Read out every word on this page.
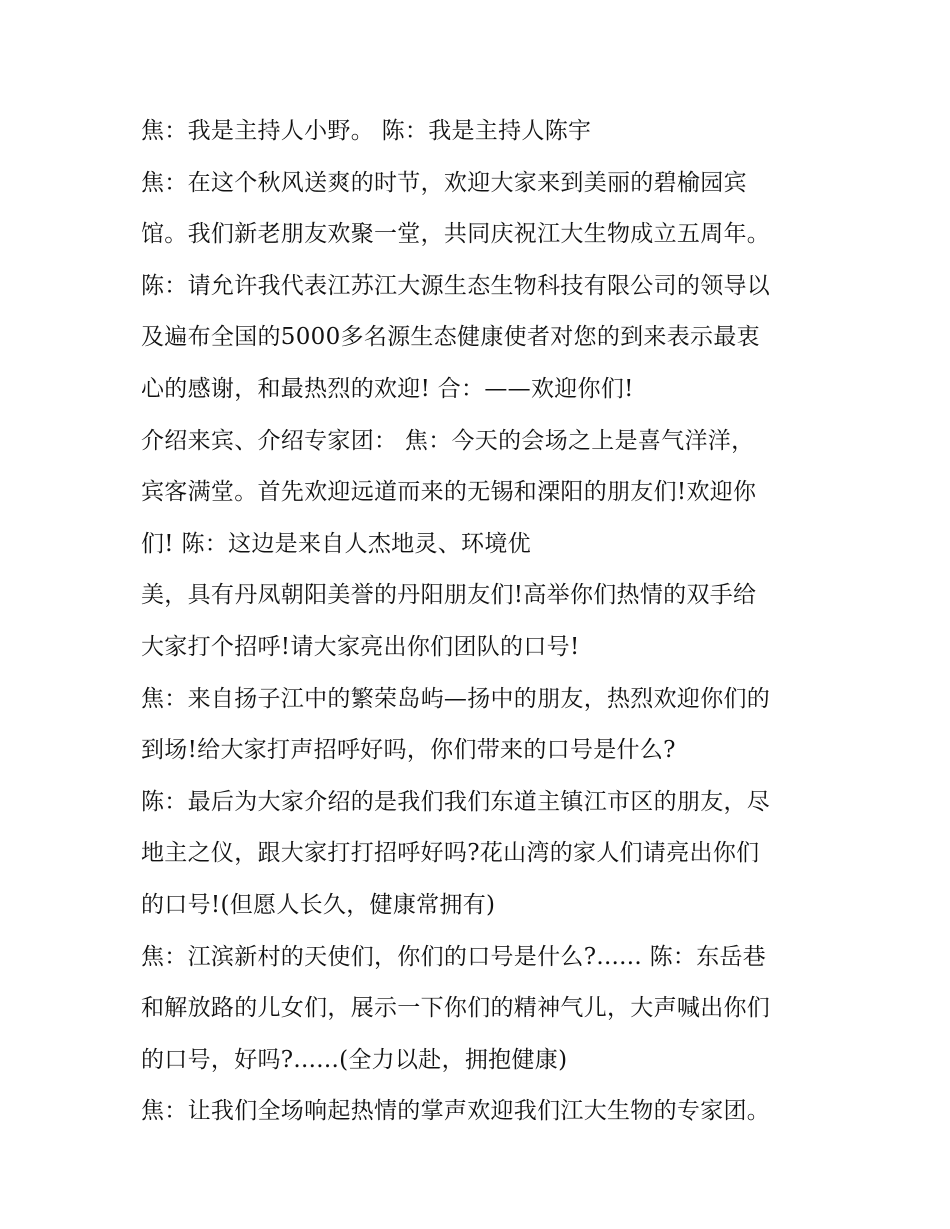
焦：我是主持人小野。 陈：我是主持人陈宇
焦：在这个秋风送爽的时节，欢迎大家来到美丽的碧榆园宾
馆。我们新老朋友欢聚一堂，共同庆祝江大生物成立五周年。
陈：请允许我代表江苏江大源生态生物科技有限公司的领导以
及遍布全国的5000多名源生态健康使者对您的到来表示最衷
心的感谢，和最热烈的欢迎! 合：——欢迎你们!
介绍来宾、介绍专家团： 焦：今天的会场之上是喜气洋洋，
宾客满堂。首先欢迎远道而来的无锡和溧阳的朋友们!欢迎你
们! 陈：这边是来自人杰地灵、环境优
美，具有丹凤朝阳美誉的丹阳朋友们!高举你们热情的双手给
大家打个招呼!请大家亮出你们团队的口号!
焦：来自扬子江中的繁荣岛屿—扬中的朋友，热烈欢迎你们的
到场!给大家打声招呼好吗，你们带来的口号是什么?
陈：最后为大家介绍的是我们我们东道主镇江市区的朋友，尽
地主之仪，跟大家打打招呼好吗?花山湾的家人们请亮出你们
的口号!(但愿人长久，健康常拥有)
焦：江滨新村的天使们，你们的口号是什么?...... 陈：东岳巷
和解放路的儿女们，展示一下你们的精神气儿，大声喊出你们
的口号，好吗?......(全力以赴，拥抱健康)
焦：让我们全场响起热情的掌声欢迎我们江大生物的专家团。
